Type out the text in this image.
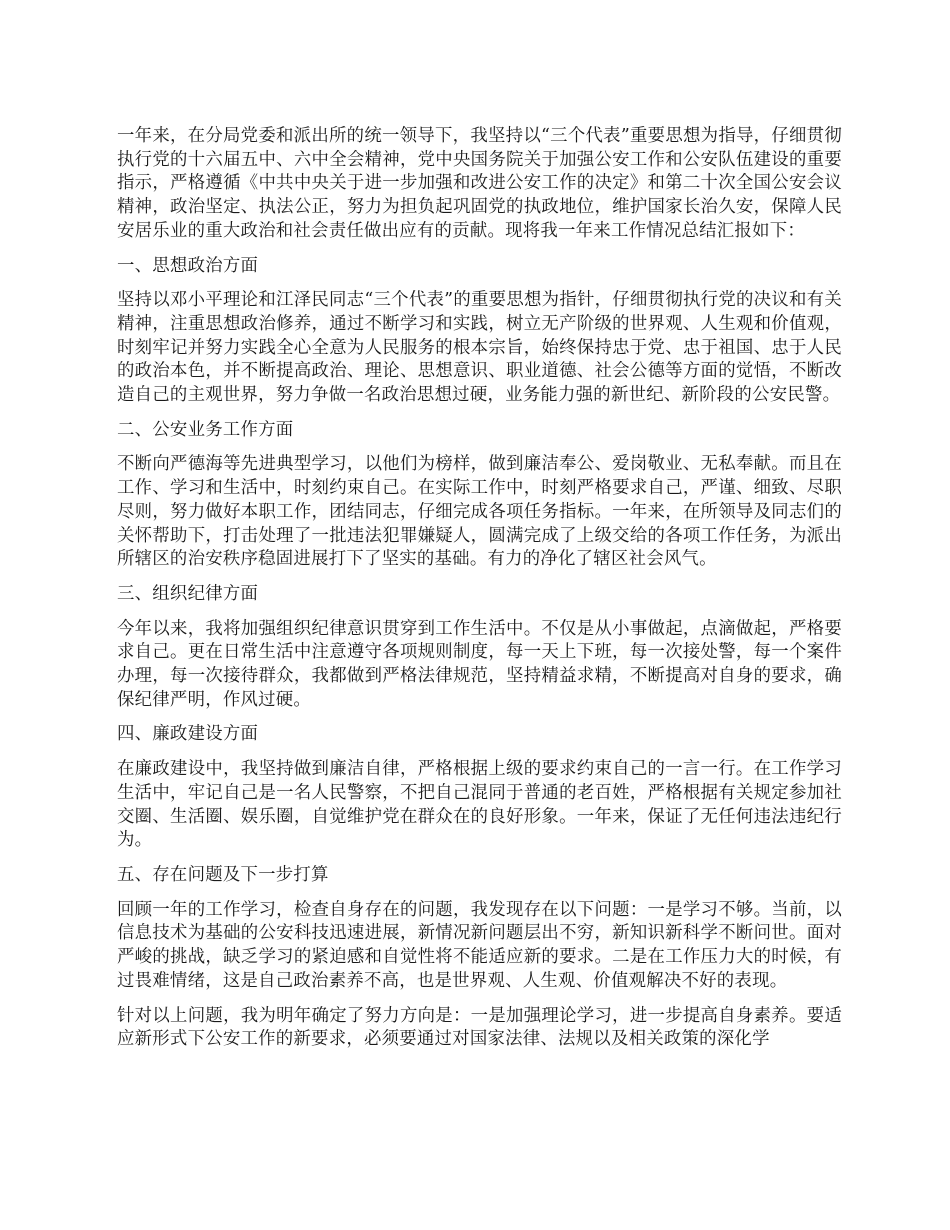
一年来，在分局党委和派出所的统一领导下，我坚持以“三个代表”重要思想为指导，仔细贯彻执行党的十六届五中、六中全会精神，党中央国务院关于加强公安工作和公安队伍建设的重要指示，严格遵循《中共中央关于进一步加强和改进公安工作的决定》和第二十次全国公安会议精神，政治坚定、执法公正，努力为担负起巩固党的执政地位，维护国家长治久安，保障人民安居乐业的重大政治和社会责任做出应有的贡献。现将我一年来工作情况总结汇报如下：

一、思想政治方面

坚持以邓小平理论和江泽民同志“三个代表”的重要思想为指针，仔细贯彻执行党的决议和有关精神，注重思想政治修养，通过不断学习和实践，树立无产阶级的世界观、人生观和价值观，时刻牢记并努力实践全心全意为人民服务的根本宗旨，始终保持忠于党、忠于祖国、忠于人民的政治本色，并不断提高政治、理论、思想意识、职业道德、社会公德等方面的觉悟，不断改造自己的主观世界，努力争做一名政治思想过硬，业务能力强的新世纪、新阶段的公安民警。

二、公安业务工作方面

不断向严德海等先进典型学习，以他们为榜样，做到廉洁奉公、爱岗敬业、无私奉献。而且在工作、学习和生活中，时刻约束自己。在实际工作中，时刻严格要求自己，严谨、细致、尽职尽则，努力做好本职工作，团结同志，仔细完成各项任务指标。一年来，在所领导及同志们的关怀帮助下，打击处理了一批违法犯罪嫌疑人，圆满完成了上级交给的各项工作任务，为派出所辖区的治安秩序稳固进展打下了坚实的基础。有力的净化了辖区社会风气。

三、组织纪律方面

今年以来，我将加强组织纪律意识贯穿到工作生活中。不仅是从小事做起，点滴做起，严格要求自己。更在日常生活中注意遵守各项规则制度，每一天上下班，每一次接处警，每一个案件办理，每一次接待群众，我都做到严格法律规范，坚持精益求精，不断提高对自身的要求，确保纪律严明，作风过硬。

四、廉政建设方面

在廉政建设中，我坚持做到廉洁自律，严格根据上级的要求约束自己的一言一行。在工作学习生活中，牢记自己是一名人民警察，不把自己混同于普通的老百姓，严格根据有关规定参加社交圈、生活圈、娱乐圈，自觉维护党在群众在的良好形象。一年来，保证了无任何违法违纪行为。

五、存在问题及下一步打算

回顾一年的工作学习，检查自身存在的问题，我发现存在以下问题：一是学习不够。当前，以信息技术为基础的公安科技迅速进展，新情况新问题层出不穷，新知识新科学不断问世。面对严峻的挑战，缺乏学习的紧迫感和自觉性将不能适应新的要求。二是在工作压力大的时候，有过畏难情绪，这是自己政治素养不高，也是世界观、人生观、价值观解决不好的表现。

针对以上问题，我为明年确定了努力方向是：一是加强理论学习，进一步提高自身素养。要适应新形式下公安工作的新要求，必须要通过对国家法律、法规以及相关政策的深化学
